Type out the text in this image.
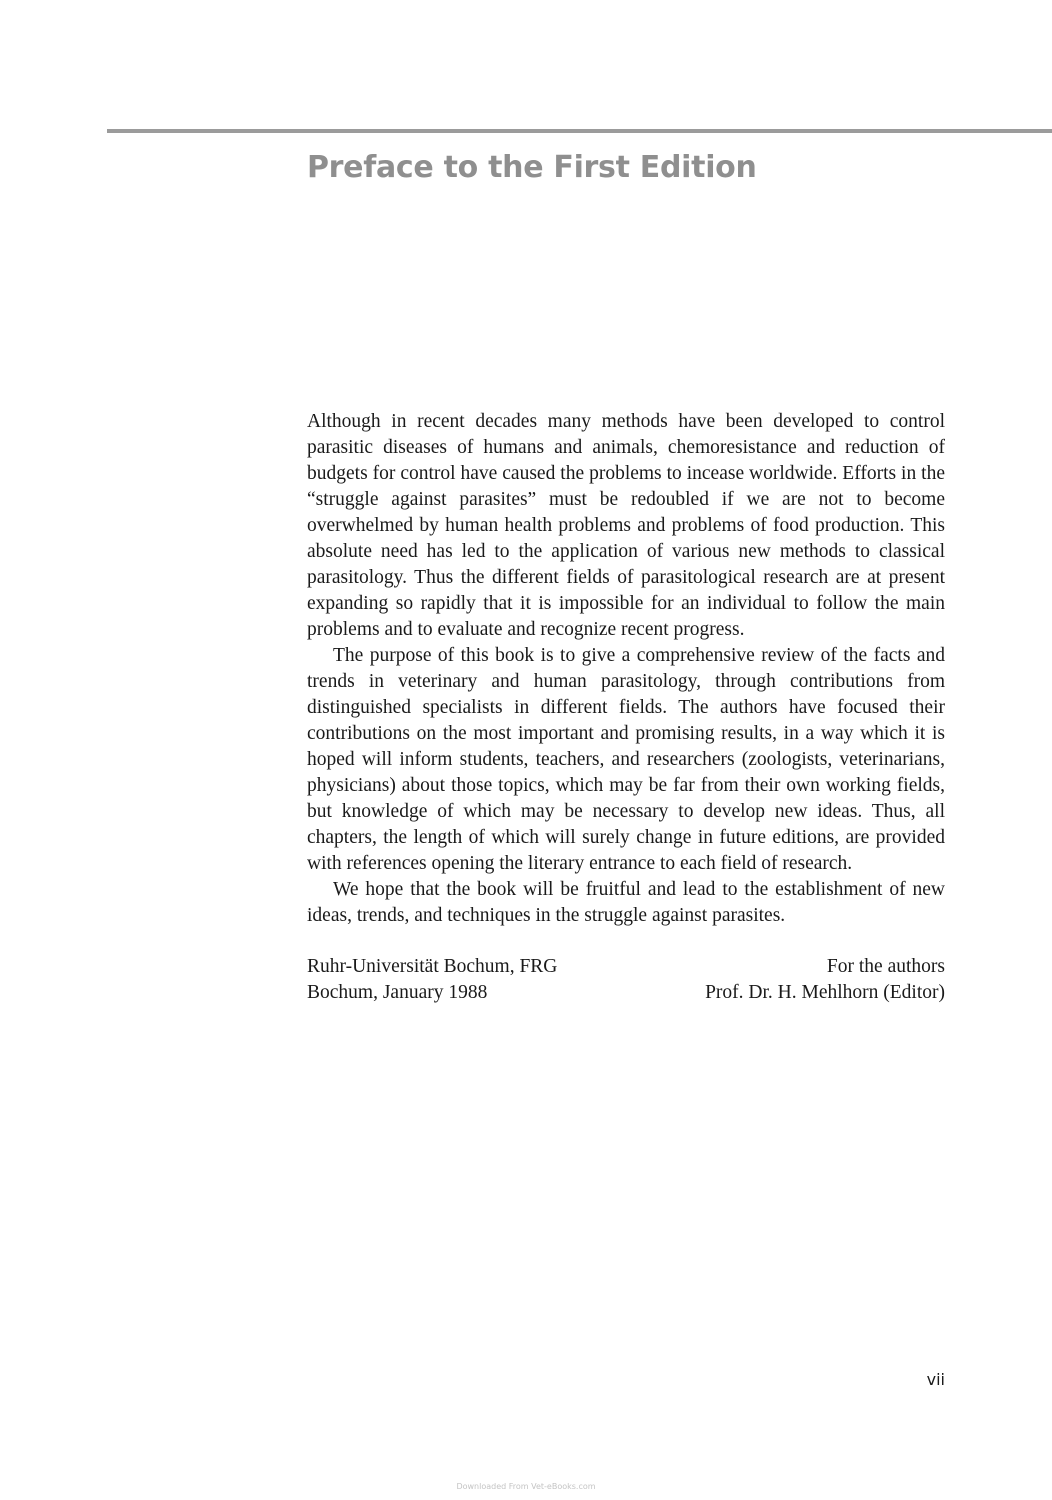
Preface to the First Edition

Although in recent decades many methods have been developed to control parasitic diseases of humans and animals, chemoresistance and reduction of budgets for control have caused the problems to incease worldwide. Efforts in the “struggle against parasites” must be redoubled if we are not to become overwhelmed by human health problems and problems of food production. This absolute need has led to the application of various new methods to classical parasitology. Thus the different fields of parasitological research are at present expanding so rapidly that it is impossible for an individual to follow the main problems and to evaluate and recognize recent progress.

The purpose of this book is to give a comprehensive review of the facts and trends in veterinary and human parasitology, through contributions from distinguished specialists in different fields. The authors have focused their contributions on the most important and promising results, in a way which it is hoped will inform students, teachers, and researchers (zoologists, veterinarians, physicians) about those topics, which may be far from their own working fields, but knowledge of which may be necessary to develop new ideas. Thus, all chapters, the length of which will surely change in future editions, are provided with references opening the literary entrance to each field of research.

We hope that the book will be fruitful and lead to the establishment of new ideas, trends, and techniques in the struggle against parasites.

Ruhr-Universität Bochum, FRG
Bochum, January 1988
For the authors
Prof. Dr. H. Mehlhorn (Editor)
vii
Downloaded From Vet-eBooks.com
